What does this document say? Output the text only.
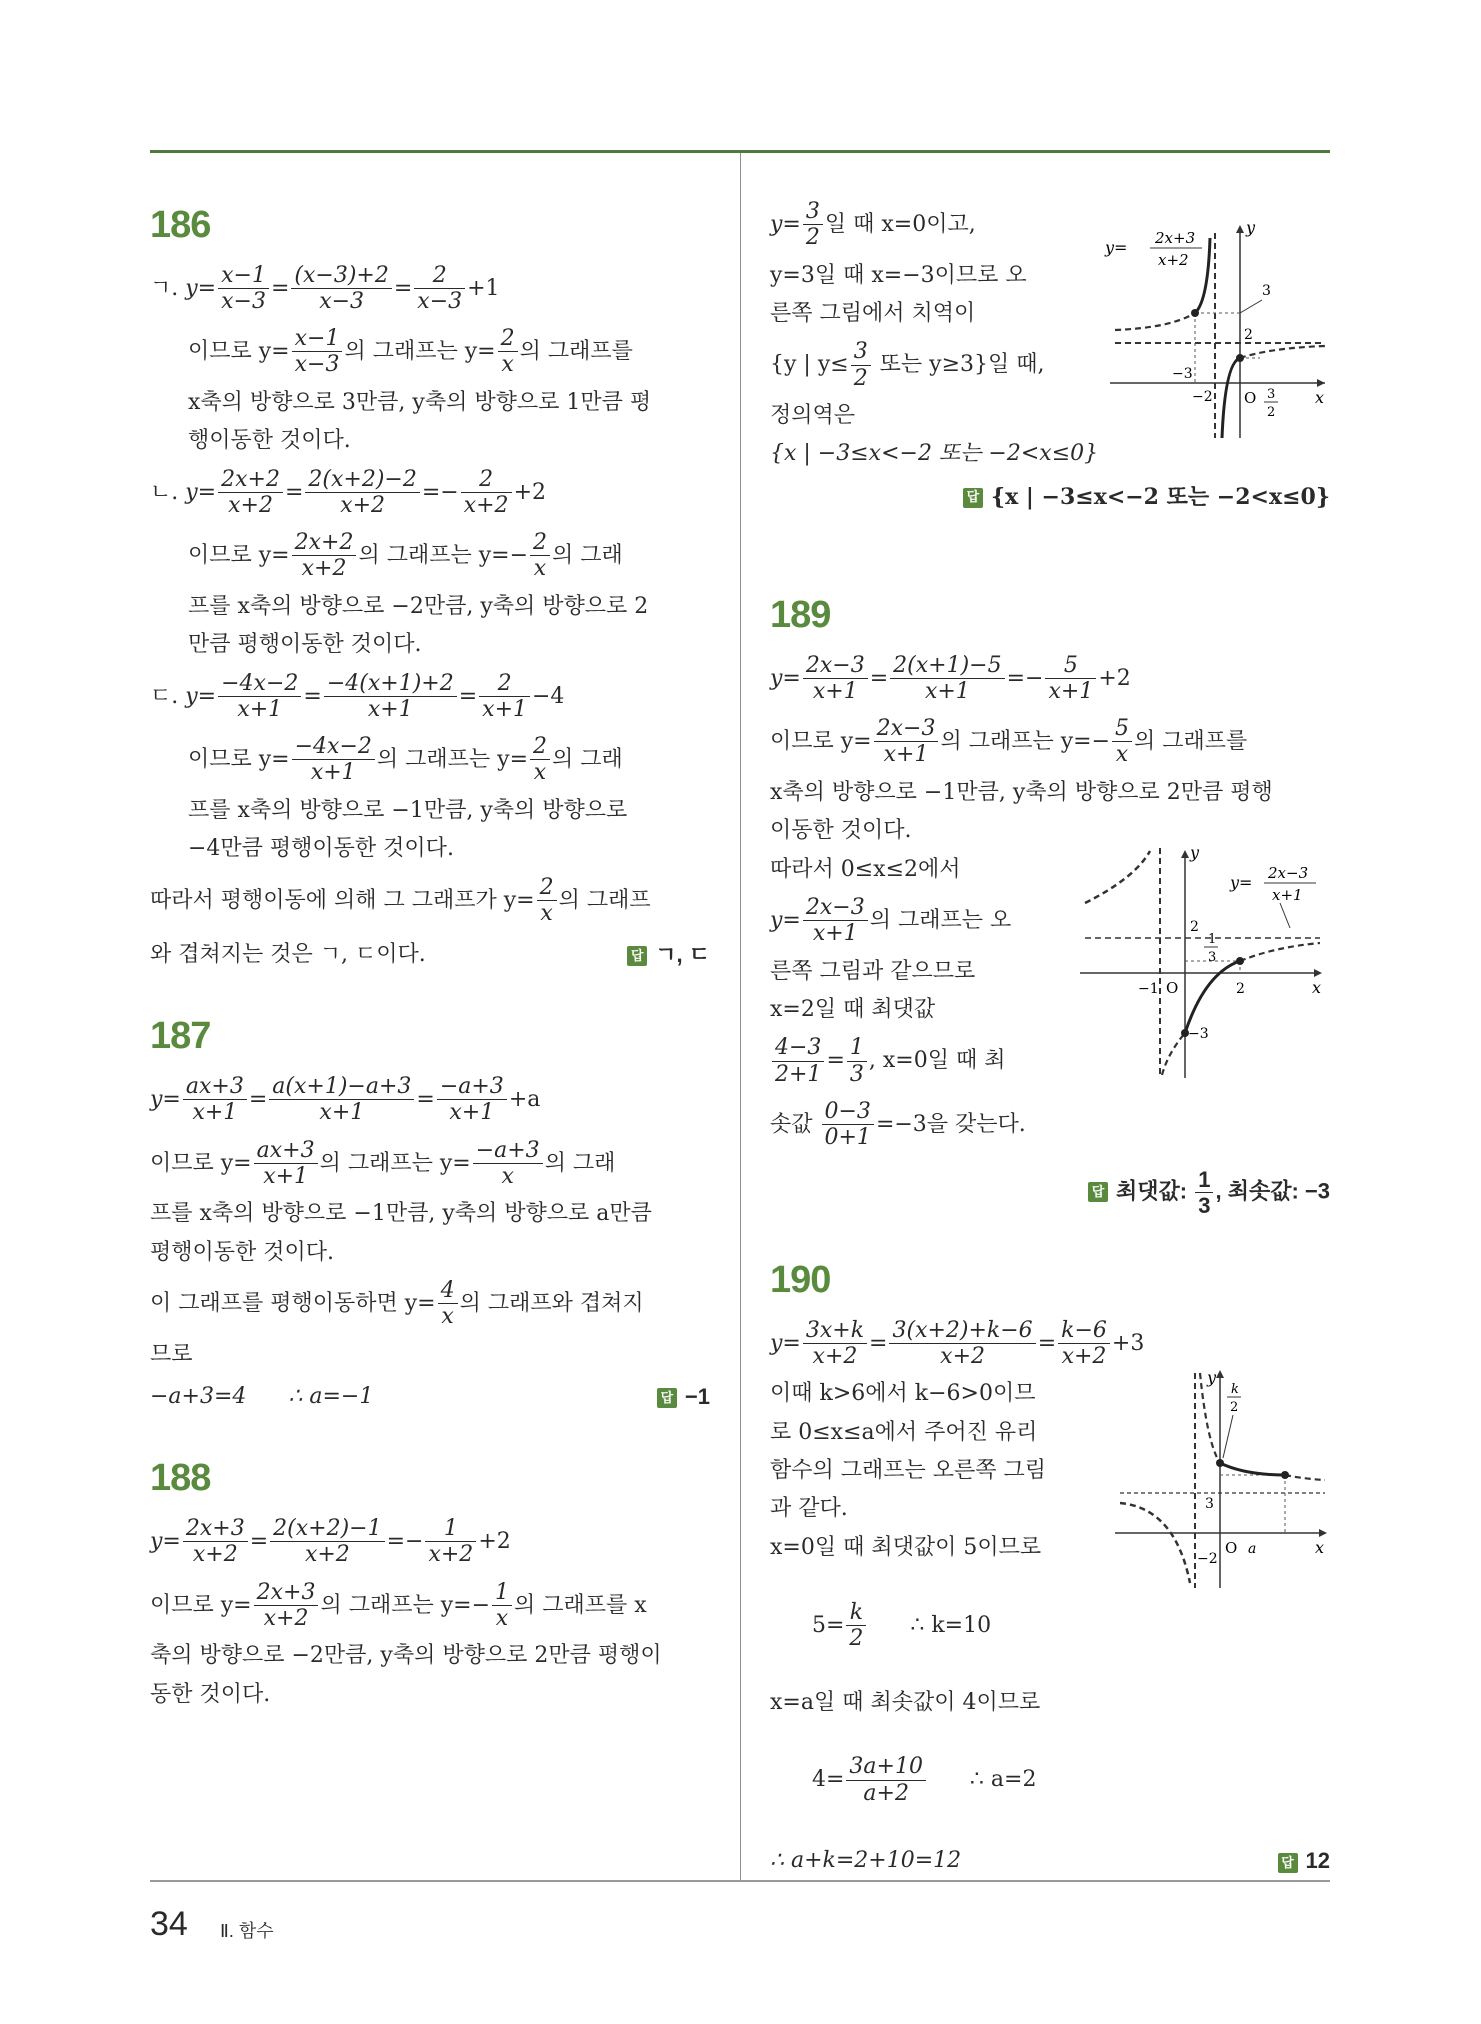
186

ㄱ. $y= \frac{x-1}{x-3} = \frac{(x-3)+2}{x-3} = \frac{2}{x-3} +1$

이므로 $y= \frac{x-1}{x-3}$ 의 그래프는 $y= \frac{2}{x}$ 의 그래프를

x축의 방향으로 3만큼, y축의 방향으로 1만큼 평

행이동한 것이다.

ㄴ. $y= \frac{2x+2}{x+2} = \frac{2(x+2)-2}{x+2} =- \frac{2}{x+2} +2$

이므로 $y= \frac{2x+2}{x+2}$ 의 그래프는 $y=- \frac{2}{x}$ 의 그래

프를 x축의 방향으로 −2만큼, y축의 방향으로 2

만큼 평행이동한 것이다.

ㄷ. $y= \frac{-4x-2}{x+1} = \frac{-4(x+1)+2}{x+1} = \frac{2}{x+1} -4$

이므로 $y= \frac{-4x-2}{x+1}$ 의 그래프는 $y= \frac{2}{x}$ 의 그래

프를 x축의 방향으로 −1만큼, y축의 방향으로

−4만큼 평행이동한 것이다.

따라서 평행이동에 의해 그 그래프가 $y= \frac{2}{x}$ 의 그래프

와 겹쳐지는 것은 ㄱ, ㄷ이다.	답 ㄱ, ㄷ
187

$y= \frac{ax+3}{x+1} = \frac{a(x+1)-a+3}{x+1} = \frac{-a+3}{x+1} +a$

이므로 $y= \frac{ax+3}{x+1}$ 의 그래프는 $y= \frac{-a+3}{x}$ 의 그래

프를 x축의 방향으로 −1만큼, y축의 방향으로 a만큼

평행이동한 것이다.

이 그래프를 평행이동하면 $y= \frac{4}{x}$ 의 그래프와 겹쳐지

므로

−a+3=4      ∴ a=−1	답 −1
188

$y= \frac{2x+3}{x+2} = \frac{2(x+2)-1}{x+2} =- \frac{1}{x+2} +2$

이므로 $y= \frac{2x+3}{x+2}$ 의 그래프는 $y=- \frac{1}{x}$ 의 그래프를 x

축의 방향으로 −2만큼, y축의 방향으로 2만큼 평행이

동한 것이다.

$y= \frac{3}{2}$ 일 때 x=0이고,

y=3일 때 x=−3이므로 오

른쪽 그림에서 치역이

{y | $y\le \frac{3}{2}$ 또는 y≥3}일 때,

정의역은

{x | −3≤x<−2 또는 −2<x≤0}

답 {x | −3≤x<−2 또는 −2<x≤0}
y= 2x+3
x+2
y
x
O
−3
−2
3
2
3
2
189

$y= \frac{2x-3}{x+1} = \frac{2(x+1)-5}{x+1} =- \frac{5}{x+1} +2$

이므로 $y= \frac{2x-3}{x+1}$ 의 그래프는 $y=- \frac{5}{x}$ 의 그래프를

x축의 방향으로 −1만큼, y축의 방향으로 2만큼 평행

이동한 것이다.

따라서 0≤x≤2에서

$y= \frac{2x-3}{x+1}$ 의 그래프는 오

른쪽 그림과 같으므로

x=2일 때 최댓값

$\frac{4-3}{2+1} = \frac{1}{3}$ , x=0일 때 최

솟값 $\frac{0-3}{0+1} =-3$을 갖는다.

답 최댓값: $\frac{1}{3}$ , 최솟값: −3
y= 2x−3
x+1
y
x
O
−1
2
2
−3
1
3
190

$y= \frac{3x+k}{x+2} = \frac{3(x+2)+k-6}{x+2} = \frac{k-6}{x+2} +3$

이때 k>6에서 k−6>0이므

로 0≤x≤a에서 주어진 유리

함수의 그래프는 오른쪽 그림

과 같다.

x=0일 때 최댓값이 5이므로

$5= \frac{k}{2}$ ∴ k=10

x=a일 때 최솟값이 4이므로

$4= \frac{3a+10}{a+2}$ ∴ a=2

∴ a+k=2+10=12	답 12
y
x
O
k
2
3
a
−2
34 Ⅱ. 함수
